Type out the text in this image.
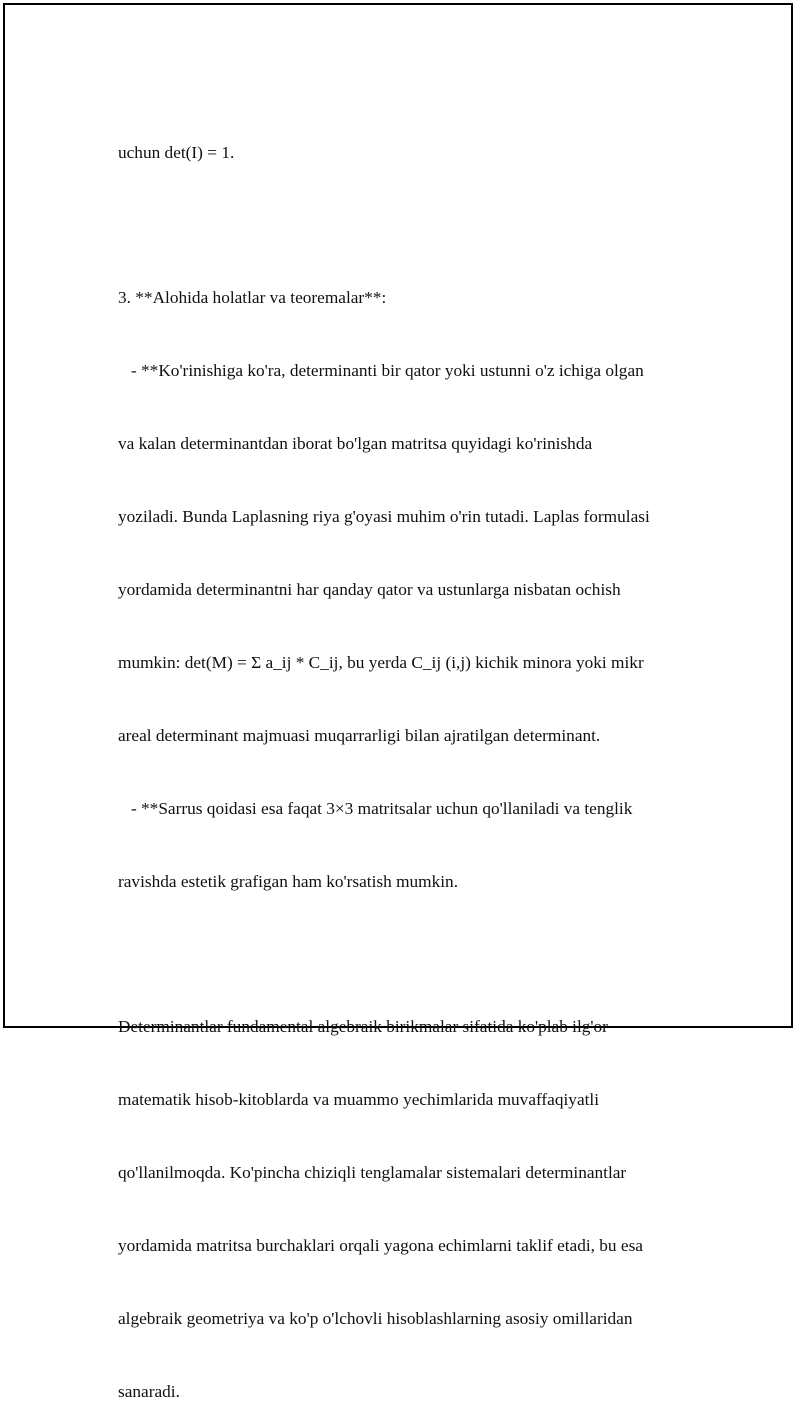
uchun det(I) = 1.

3. **Alohida holatlar va teoremalar**:

- **Ko'rinishiga ko'ra, determinanti bir qator yoki ustunni o'z ichiga olgan

va kalan determinantdan iborat bo'lgan matritsa quyidagi ko'rinishda

yoziladi. Bunda Laplasning riya g'oyasi muhim o'rin tutadi. Laplas formulasi

yordamida determinantni har qanday qator va ustunlarga nisbatan ochish

mumkin: det(M) = Σ a_ij * C_ij, bu yerda C_ij (i,j) kichik minora yoki mikr

areal determinant majmuasi muqarrarligi bilan ajratilgan determinant.

- **Sarrus qoidasi esa faqat 3×3 matritsalar uchun qo'llaniladi va tenglik

ravishda estetik grafigan ham ko'rsatish mumkin.

Determinantlar fundamental algebraik birikmalar sifatida ko'plab ilg'or

matematik hisob-kitoblarda va muammo yechimlarida muvaffaqiyatli

qo'llanilmoqda. Ko'pincha chiziqli tenglamalar sistemalari determinantlar

yordamida matritsa burchaklari orqali yagona echimlarni taklif etadi, bu esa

algebraik geometriya va ko'p o'lchovli hisoblashlarning asosiy omillaridan

sanaradi.
